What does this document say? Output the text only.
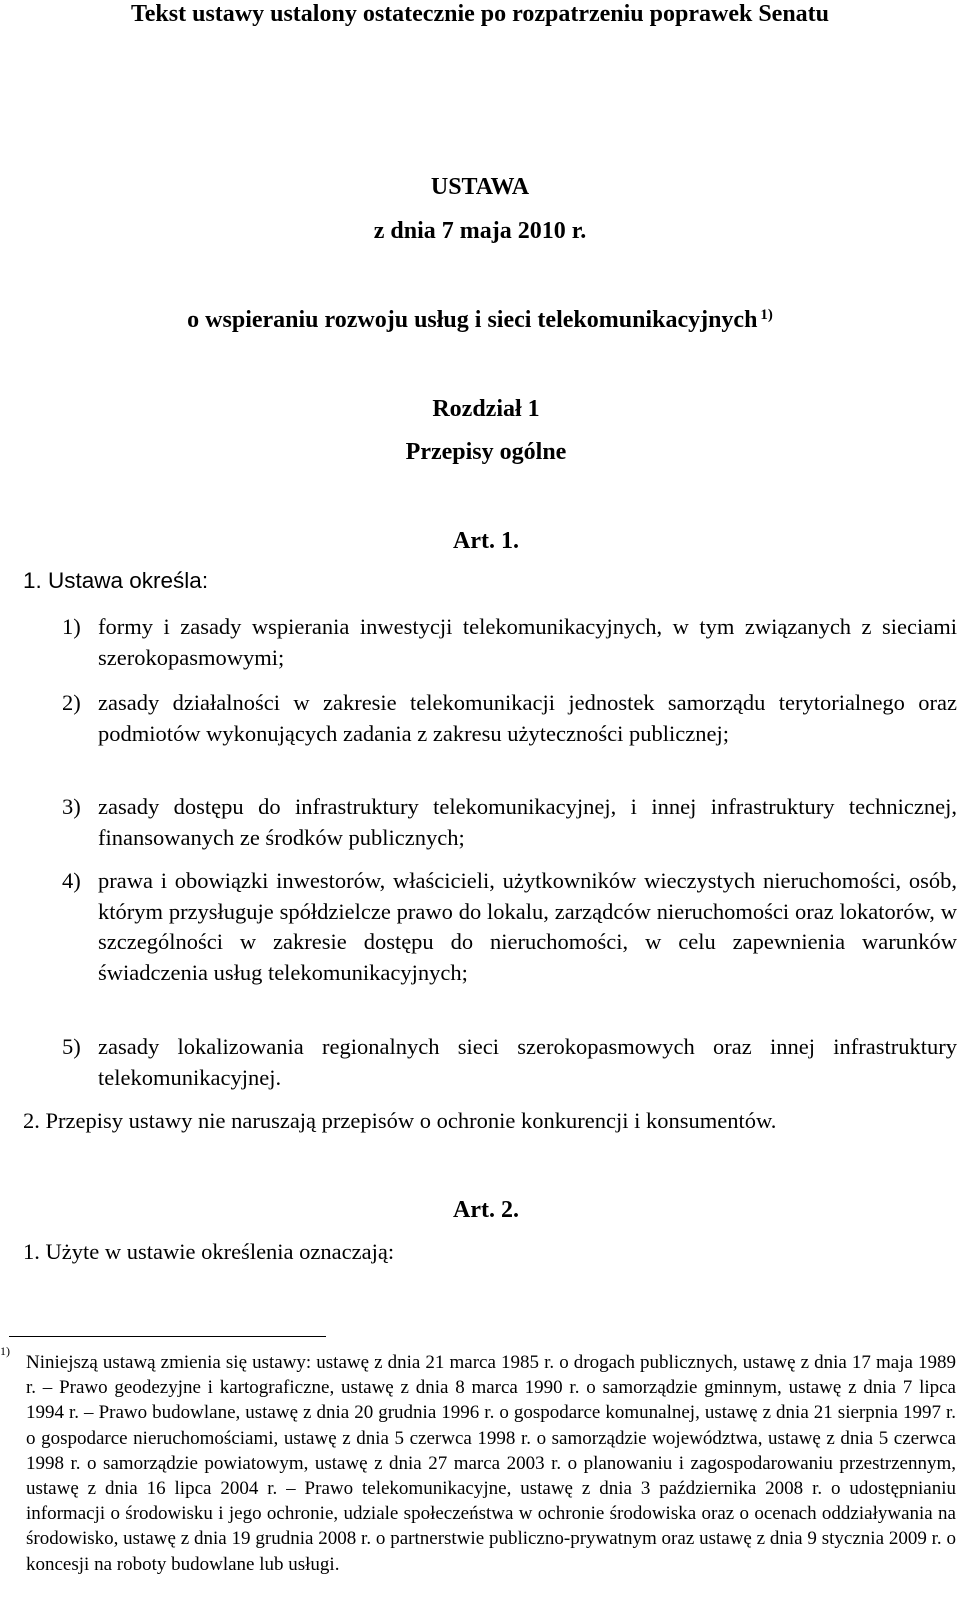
Tekst ustawy ustalony ostatecznie po rozpatrzeniu poprawek Senatu
USTAWA
z dnia 7 maja 2010 r.
o wspieraniu rozwoju usług i sieci telekomunikacyjnych  $^{1)}$
Rozdział 1
Przepisy ogólne
Art. 1.
1. Ustawa określa:
1) formy i zasady wspierania inwestycji telekomunikacyjnych, w tym związanych z sieciami szerokopasmowymi;
2) zasady działalności w zakresie telekomunikacji jednostek samorządu terytorialnego oraz podmiotów wykonujących zadania z zakresu użyteczności publicznej;
3) zasady dostępu do infrastruktury telekomunikacyjnej, i innej infrastruktury technicznej, finansowanych ze środków publicznych;
4) prawa i obowiązki inwestorów, właścicieli, użytkowników wieczystych nieruchomości, osób, którym przysługuje spółdzielcze prawo do lokalu, zarządców nieruchomości oraz lokatorów, w szczególności w zakresie dostępu do nieruchomości, w celu zapewnienia warunków świadczenia usług telekomunikacyjnych;
5) zasady lokalizowania regionalnych sieci szerokopasmowych oraz innej infrastruktury telekomunikacyjnej.
2. Przepisy ustawy nie naruszają przepisów o ochronie konkurencji i konsumentów.
Art. 2.
1. Użyte w ustawie określenia oznaczają:
1)
Niniejszą ustawą zmienia się ustawy: ustawę z dnia 21 marca 1985 r. o drogach publicznych, ustawę z dnia 17 maja 1989 r. – Prawo geodezyjne i kartograficzne, ustawę z dnia 8 marca 1990 r. o samorządzie gminnym, ustawę z dnia 7 lipca 1994 r. – Prawo budowlane, ustawę z dnia 20 grudnia 1996 r. o gospodarce komunalnej, ustawę z dnia 21 sierpnia 1997 r. o gospodarce nieruchomościami, ustawę z dnia 5 czerwca 1998 r. o samorządzie województwa, ustawę z dnia 5 czerwca 1998 r. o samorządzie powiatowym, ustawę z dnia 27 marca 2003 r. o planowaniu i zagospodarowaniu przestrzennym, ustawę z dnia 16 lipca 2004 r. – Prawo telekomunikacyjne, ustawę z dnia 3 października 2008 r. o udostępnianiu informacji o środowisku i jego ochronie, udziale społeczeństwa w ochronie środowiska oraz o ocenach oddziaływania na środowisko, ustawę z dnia 19 grudnia 2008 r. o partnerstwie publiczno-prywatnym oraz ustawę z dnia 9 stycznia 2009 r. o koncesji na roboty budowlane lub usługi.
